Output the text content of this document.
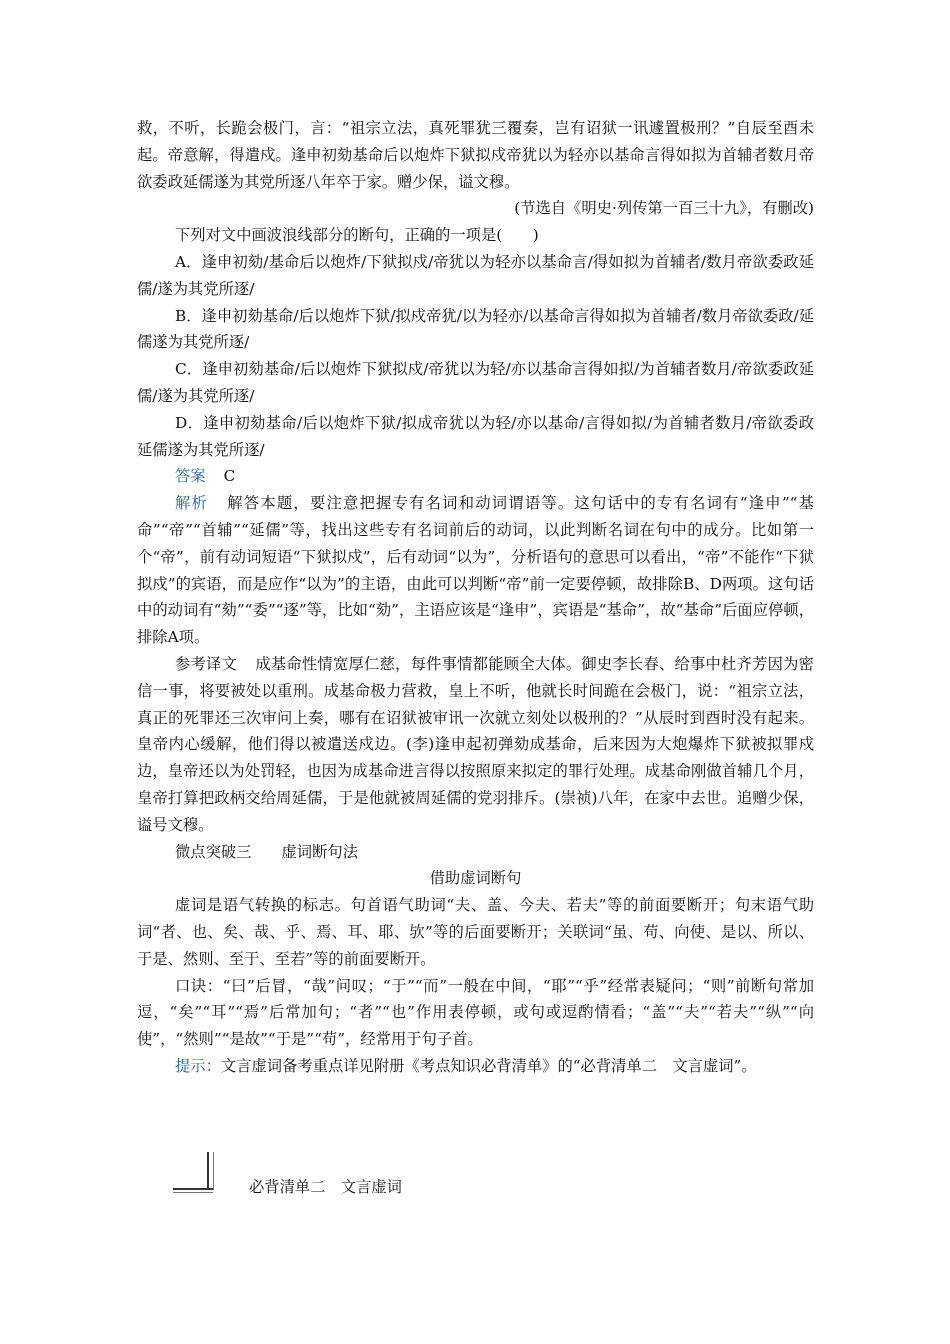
救，不听，长跪会极门，言：“祖宗立法，真死罪犹三覆奏，岂有诏狱一讯遽置极刑？”自辰至酉未起。帝意解，得遣戍。逢申初劾基命后以炮炸下狱拟戍帝犹以为轻亦以基命言得如拟为首辅者数月帝欲委政延儒遂为其党所逐八年卒于家。赠少保，谥文穆。

(节选自《明史·列传第一百三十九》，有删改)

下列对文中画波浪线部分的断句，正确的一项是(　　)

A．逢申初劾/基命后以炮炸/下狱拟戍/帝犹以为轻亦以基命言/得如拟为首辅者/数月帝欲委政延儒/遂为其党所逐/

B．逢申初劾基命/后以炮炸下狱/拟戍帝犹/以为轻亦/以基命言得如拟为首辅者/数月帝欲委政/延儒遂为其党所逐/

C．逢申初劾基命/后以炮炸下狱拟戍/帝犹以为轻/亦以基命言得如拟/为首辅者数月/帝欲委政延儒/遂为其党所逐/

D．逢申初劾基命/后以炮炸下狱/拟成帝犹以为轻/亦以基命/言得如拟/为首辅者数月/帝欲委政延儒遂为其党所逐/

答案 C

解析 解答本题，要注意把握专有名词和动词谓语等。这句话中的专有名词有“逢申”“基命”“帝”“首辅”“延儒”等，找出这些专有名词前后的动词，以此判断名词在句中的成分。比如第一个“帝”，前有动词短语“下狱拟戍”，后有动词“以为”，分析语句的意思可以看出，“帝”不能作“下狱拟戍”的宾语，而是应作“以为”的主语，由此可以判断“帝”前一定要停顿，故排除B、D两项。这句话中的动词有“劾”“委”“逐”等，比如“劾”，主语应该是“逢申”，宾语是“基命”，故“基命”后面应停顿，排除A项。

参考译文 成基命性情宽厚仁慈，每件事情都能顾全大体。御史李长春、给事中杜齐芳因为密信一事，将要被处以重刑。成基命极力营救，皇上不听，他就长时间跪在会极门，说：“祖宗立法，真正的死罪还三次审问上奏，哪有在诏狱被审讯一次就立刻处以极刑的？”从辰时到酉时没有起来。皇帝内心缓解，他们得以被遣送戍边。(李)逢申起初弹劾成基命，后来因为大炮爆炸下狱被拟罪戍边，皇帝还以为处罚轻，也因为成基命进言得以按照原来拟定的罪行处理。成基命刚做首辅几个月，皇帝打算把政柄交给周延儒，于是他就被周延儒的党羽排斥。(崇祯)八年，在家中去世。追赠少保，谥号文穆。

微点突破三 虚词断句法

借助虚词断句

虚词是语气转换的标志。句首语气助词“夫、盖、今夫、若夫”等的前面要断开；句末语气助词“者、也、矣、哉、乎、焉、耳、耶、欤”等的后面要断开；关联词“虽、苟、向使、是以、所以、于是、然则、至于、至若”等的前面要断开。

口诀：“曰”后冒，“哉”问叹；“于”“而”一般在中间，“耶”“乎”经常表疑问；“则”前断句常加逗，“矣”“耳”“焉”后常加句；“者”“也”作用表停顿，或句或逗酌情看；“盖”“夫”“若夫”“纵”“向使”，“然则”“是故”“于是”“苟”，经常用于句子首。

提示：文言虚词备考重点详见附册《考点知识必背清单》的“必背清单二　文言虚词”。

必背清单二　文言虚词
